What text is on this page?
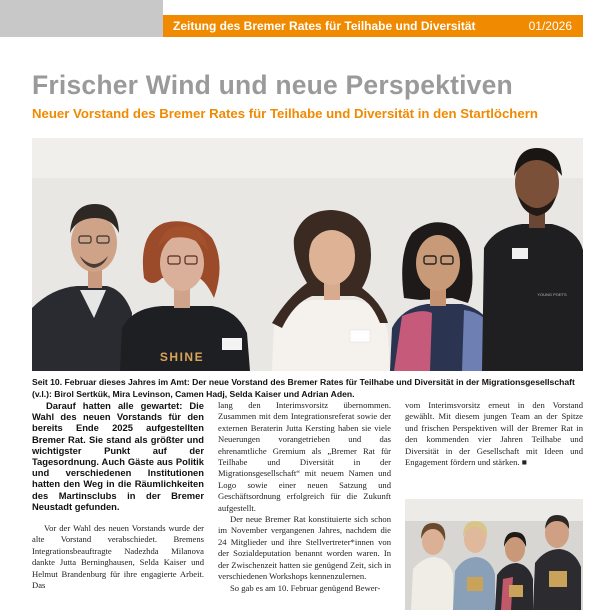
Zeitung des Bremer Rates für Teilhabe und Diversität	01/2026
Frischer Wind und neue Perspektiven
Neuer Vorstand des Bremer Rates für Teilhabe und Diversität in den Startlöchern
SHINE
YOUNG POETS

Seit 10. Februar dieses Jahres im Amt: Der neue Vorstand des Bremer Rates für Teilhabe und Diversität in der Migrationsgesellschaft (v.l.): Birol Sertkük, Mira Levinson, Camen Hadj, Selda Kaiser und Adrian Aden.

Darauf hatten alle gewartet: Die Wahl des neuen Vorstands für den bereits Ende 2025 aufgestellten Bremer Rat. Sie stand als größter und wichtigster Punkt auf der Tagesordnung. Auch Gäste aus Politik und verschiedenen Institutionen hatten den Weg in die Räumlichkeiten des Martinsclubs in der Bremer Neustadt gefunden.

Vor der Wahl des neuen Vorstands wurde der alte Vorstand verabschiedet. Bremens Integrationsbeauftragte Nadezhda Milanova dankte Jutta Berninghausen, Selda Kaiser und Helmut Brandenburg für ihre engagierte Arbeit. Das

lang den Interimsvorsitz übernommen. Zusammen mit dem Integrationsreferat sowie der externen Beraterin Jutta Kersting haben sie viele Neuerungen vorangetrieben und das ehrenamtliche Gremium als „Bremer Rat für Teilhabe und Diversität in der Migrationsgesellschaft“ mit neuem Namen und Logo sowie einer neuen Satzung und Geschäftsordnung erfolgreich für die Zukunft aufgestellt.

Der neue Bremer Rat konstituierte sich schon im November vergangenen Jahres, nachdem die 24 Mitglieder und ihre Stellvertreter*innen von der Sozialdeputation benannt worden waren. In der Zwischenzeit hatten sie genügend Zeit, sich in verschiedenen Workshops kennenzulernen.

So gab es am 10. Februar genügend Bewer-

vom Interimsvorsitz erneut in den Vorstand gewählt. Mit diesem jungen Team an der Spitze und frischen Perspektiven will der Bremer Rat in den kommenden vier Jahren Teilhabe und Diversität in der Gesellschaft mit Ideen und Engagement fördern und stärken. ■
